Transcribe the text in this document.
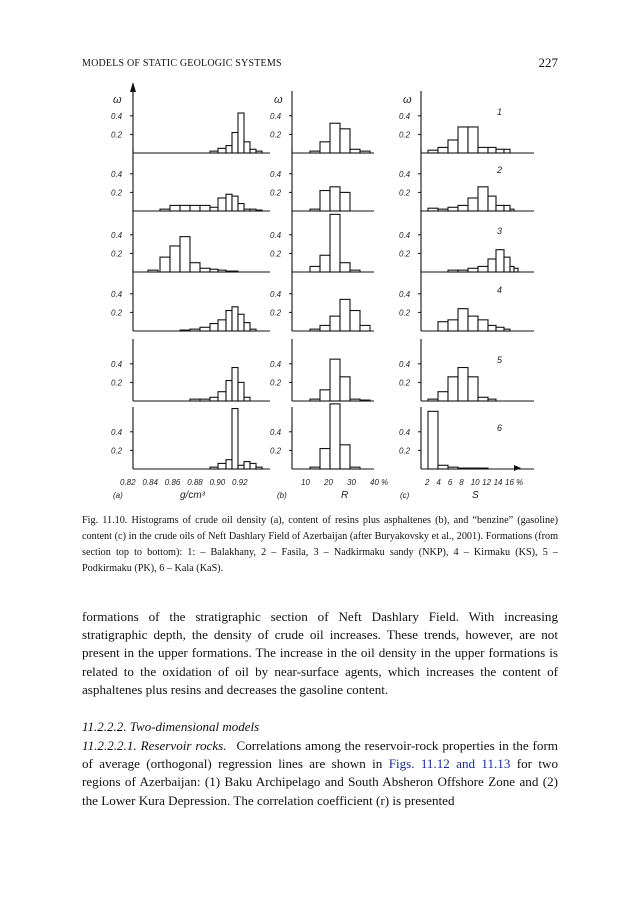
MODELS OF STATIC GEOLOGIC SYSTEMS	227
0.4
0.2
0.4
0.2
0.4
0.2
0.4
0.2
0.4
0.2
0.4
0.2
ω
0.82 0.84 0.86 0.88 0.90 0.92
(a)	g/cm³
0.4
0.2
0.4
0.2
0.4
0.2
0.4
0.2
0.4
0.2
0.4
0.2
ω
10 20 30 40 %
(b)	R
0.4
0.2
1
0.4
0.2
2
0.4
0.2
3
0.4
0.2
4
0.4
0.2
5
0.4
0.2
6
ω
2 4 6 8 10 12 14 16 %
(c)	S
Fig. 11.10. Histograms of crude oil density (a), content of resins plus asphaltenes (b), and “benzine” (gasoline) content (c) in the crude oils of Neft Dashlary Field of Azerbaijan (after Buryakovsky et al., 2001). Formations (from section top to bottom): 1: – Balakhany, 2 – Fasila, 3 – Nadkirmaku sandy (NKP), 4 – Kirmaku (KS), 5 – Podkirmaku (PK), 6 – Kala (KaS).
formations of the stratigraphic section of Neft Dashlary Field. With increasing stratigraphic depth, the density of crude oil increases. These trends, however, are not present in the upper formations. The increase in the oil density in the upper formations is related to the oxidation of oil by near-surface agents, which increases the content of asphaltenes plus resins and decreases the gasoline content.
11.2.2.2. Two-dimensional models
11.2.2.2.1. Reservoir rocks. Correlations among the reservoir-rock properties in the form of average (orthogonal) regression lines are shown in Figs. 11.12 and 11.13 for two regions of Azerbaijan: (1) Baku Archipelago and South Absheron Offshore Zone and (2) the Lower Kura Depression. The correlation coefficient (r) is presented
